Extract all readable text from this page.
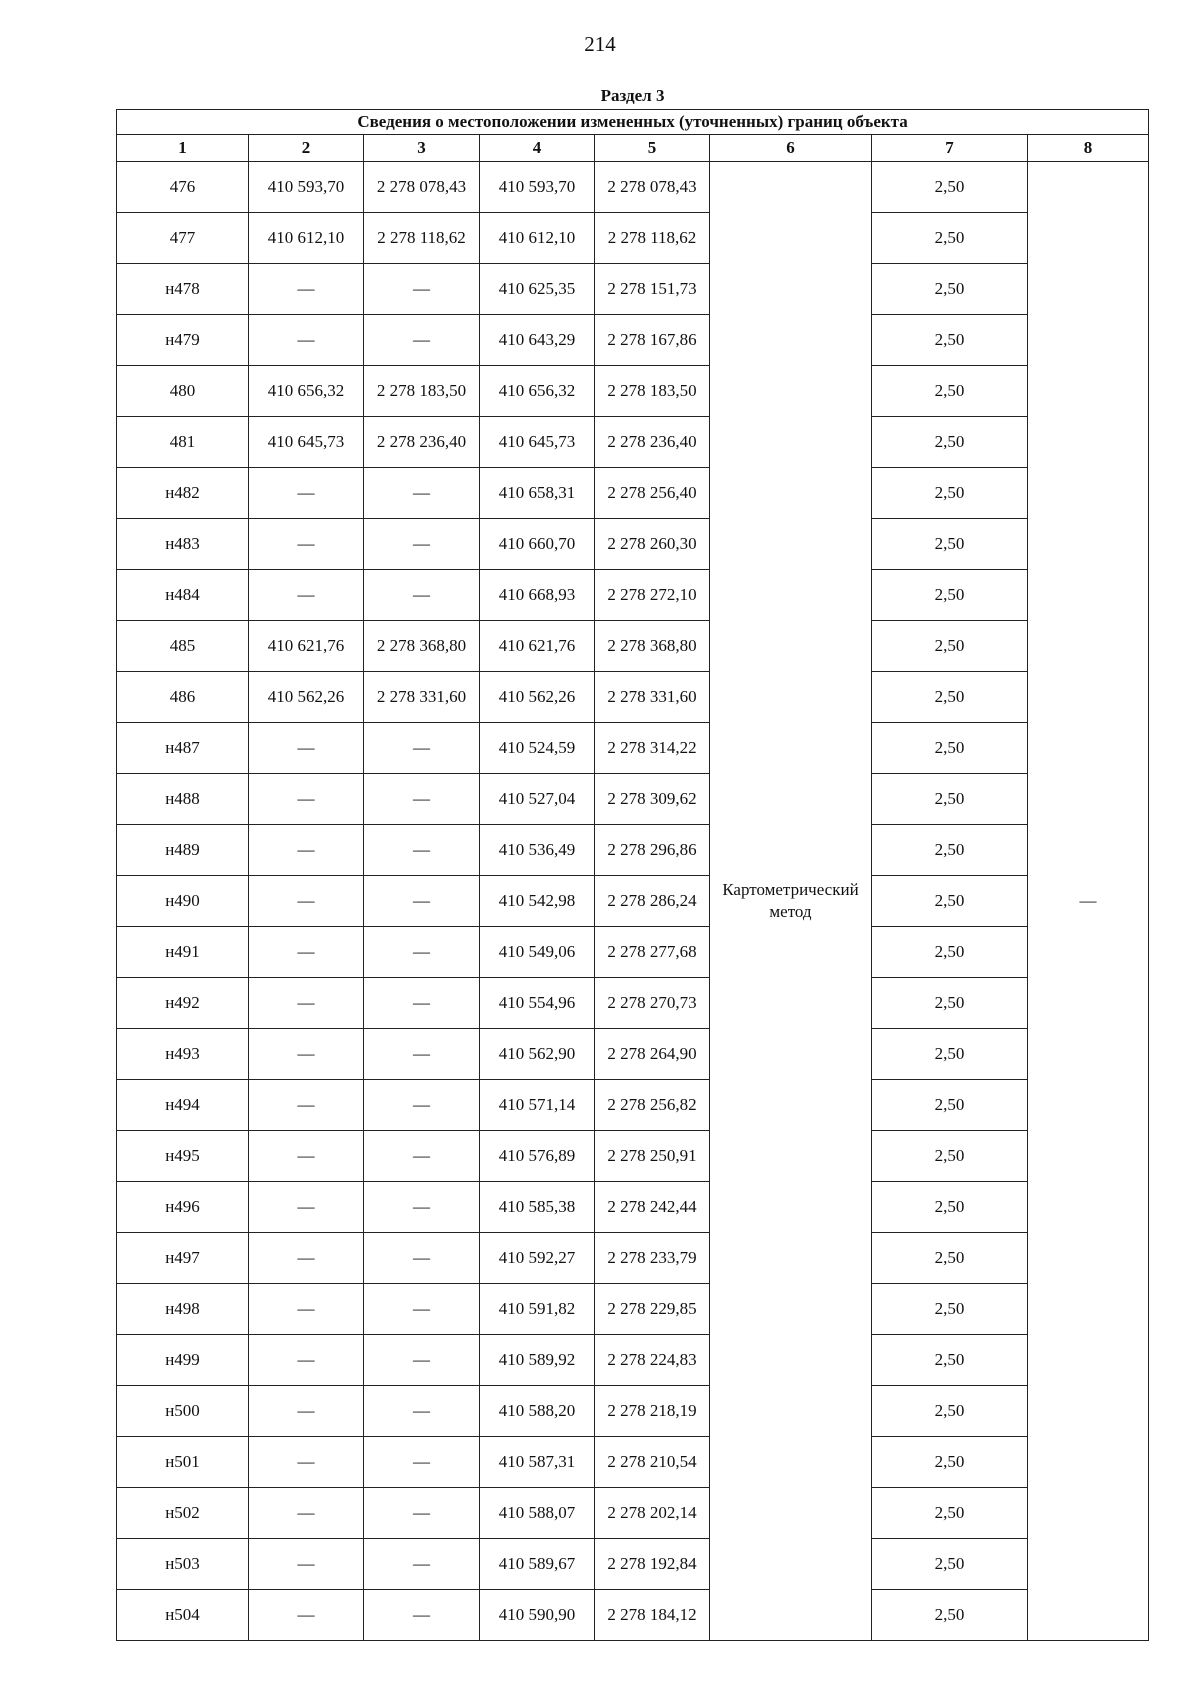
214
Раздел 3							
Сведения о местоположении измененных (уточненных) границ объекта							
1	2	3	4	5	6	7	8
476	410 593,70	2 278 078,43	410 593,70	2 278 078,43	Картометрический метод	2,50	—
477	410 612,10	2 278 118,62	410 612,10	2 278 118,62		2,50	
н478	—	—	410 625,35	2 278 151,73		2,50	
н479	—	—	410 643,29	2 278 167,86		2,50	
480	410 656,32	2 278 183,50	410 656,32	2 278 183,50		2,50	
481	410 645,73	2 278 236,40	410 645,73	2 278 236,40		2,50	
н482	—	—	410 658,31	2 278 256,40		2,50	
н483	—	—	410 660,70	2 278 260,30		2,50	
н484	—	—	410 668,93	2 278 272,10		2,50	
485	410 621,76	2 278 368,80	410 621,76	2 278 368,80		2,50	
486	410 562,26	2 278 331,60	410 562,26	2 278 331,60		2,50	
н487	—	—	410 524,59	2 278 314,22		2,50	
н488	—	—	410 527,04	2 278 309,62		2,50	
н489	—	—	410 536,49	2 278 296,86		2,50	
н490	—	—	410 542,98	2 278 286,24		2,50	
н491	—	—	410 549,06	2 278 277,68		2,50	
н492	—	—	410 554,96	2 278 270,73		2,50	
н493	—	—	410 562,90	2 278 264,90		2,50	
н494	—	—	410 571,14	2 278 256,82		2,50	
н495	—	—	410 576,89	2 278 250,91		2,50	
н496	—	—	410 585,38	2 278 242,44		2,50	
н497	—	—	410 592,27	2 278 233,79		2,50	
н498	—	—	410 591,82	2 278 229,85		2,50	
н499	—	—	410 589,92	2 278 224,83		2,50	
н500	—	—	410 588,20	2 278 218,19		2,50	
н501	—	—	410 587,31	2 278 210,54		2,50	
н502	—	—	410 588,07	2 278 202,14		2,50	
н503	—	—	410 589,67	2 278 192,84		2,50	
н504	—	—	410 590,90	2 278 184,12		2,50	
